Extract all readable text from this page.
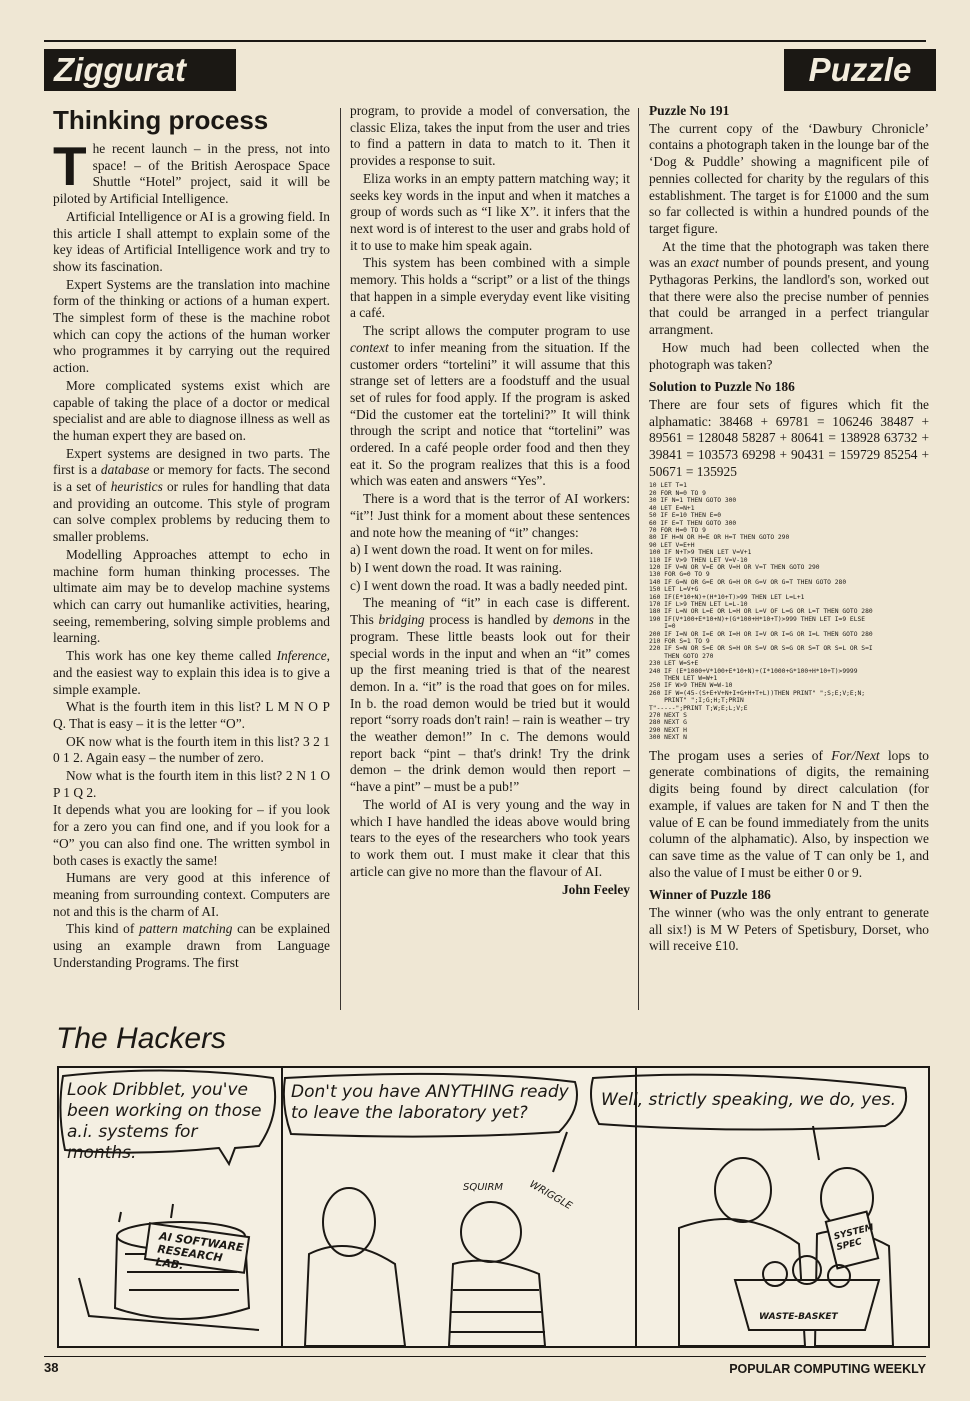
Ziggurat	Puzzle
Thinking process

The recent launch – in the press, not into space! – of the British Aerospace Space Shuttle “Hotel” project, said it will be piloted by Artificial Intelligence.

Artificial Intelligence or AI is a growing field. In this article I shall attempt to explain some of the key ideas of Artificial Intelligence work and try to show its fascination.

Expert Systems are the translation into machine form of the thinking or actions of a human expert. The simplest form of these is the machine robot which can copy the actions of the human worker who programmes it by carrying out the required action.

More complicated systems exist which are capable of taking the place of a doctor or medical specialist and are able to diagnose illness as well as the human expert they are based on.

Expert systems are designed in two parts. The first is a database or memory for facts. The second is a set of heuristics or rules for handling that data and providing an outcome. This style of program can solve complex problems by reducing them to smaller problems.

Modelling Approaches attempt to echo in machine form human thinking processes. The ultimate aim may be to develop machine systems which can carry out humanlike activities, hearing, seeing, remembering, solving simple problems and learning.

This work has one key theme called Inference, and the easiest way to explain this idea is to give a simple example.

What is the fourth item in this list? L M N O P Q. That is easy – it is the letter “O”.

OK now what is the fourth item in this list? 3 2 1 0 1 2. Again easy – the number of zero.

Now what is the fourth item in this list? 2 N 1 O P 1 Q 2.

It depends what you are looking for – if you look for a zero you can find one, and if you look for a “O” you can also find one. The written symbol in both cases is exactly the same!

Humans are very good at this inference of meaning from surrounding context. Computers are not and this is the charm of AI.

This kind of pattern matching can be explained using an example drawn from Language Understanding Programs. The first

program, to provide a model of conversation, the classic Eliza, takes the input from the user and tries to find a pattern in data to match to it. Then it provides a response to suit.

Eliza works in an empty pattern matching way; it seeks key words in the input and when it matches a group of words such as “I like X”. it infers that the next word is of interest to the user and grabs hold of it to use to make him speak again.

This system has been combined with a simple memory. This holds a “script” or a list of the things that happen in a simple everyday event like visiting a café.

The script allows the computer program to use context to infer meaning from the situation. If the customer orders “tortelini” it will assume that this strange set of letters are a foodstuff and the usual set of rules for food apply. If the program is asked “Did the customer eat the tortelini?” It will think through the script and notice that “tortelini” was ordered. In a café people order food and then they eat it. So the program realizes that this is a food which was eaten and answers “Yes”.

There is a word that is the terror of AI workers: “it”! Just think for a moment about these sentences and note how the meaning of “it” changes:

a) I went down the road. It went on for miles.

b) I went down the road. It was raining.

c) I went down the road. It was a badly needed pint.

The meaning of “it” in each case is different. This bridging process is handled by demons in the program. These little beasts look out for their special words in the input and when an “it” comes up the first meaning tried is that of the nearest demon. In a. “it” is the road that goes on for miles. In b. the road demon would be tried but it would report “sorry roads don't rain! – rain is weather – try the weather demon!” In c. The demons would report back “pint – that's drink! Try the drink demon – the drink demon would then report – “have a pint” – must be a pub!”

The world of AI is very young and the way in which I have handled the ideas above would bring tears to the eyes of the researchers who took years to work them out. I must make it clear that this article can give no more than the flavour of AI.

John Feeley

Puzzle No 191

The current copy of the ‘Dawbury Chronicle’ contains a photograph taken in the lounge bar of the ‘Dog & Puddle’ showing a magnificent pile of pennies collected for charity by the regulars of this establishment. The target is for £1000 and the sum so far collected is within a hundred pounds of the target figure.

At the time that the photograph was taken there was an exact number of pounds present, and young Pythagoras Perkins, the landlord's son, worked out that there were also the precise number of pennies that could be arranged in a perfect triangular arrangment.

How much had been collected when the photograph was taken?

Solution to Puzzle No 186

There are four sets of figures which fit the alphamatic: 38468 + 69781 = 106246 38487 + 89561 = 128048 58287 + 80641 = 138928 63732 + 39841 = 103573 69298 + 90431 = 159729 85254 + 50671 = 135925

10 LET T=1
20 FOR N=0 TO 9
30 IF N=1 THEN GOTO 300
40 LET E=N+1
50 IF E=10 THEN E=0
60 IF E=T THEN GOTO 300
70 FOR H=0 TO 9
80 IF H=N OR H=E OR H=T THEN GOTO 290
90 LET V=E+H
100 IF N+T>9 THEN LET V=V+1
110 IF V>9 THEN LET V=V-10
120 IF V=N OR V=E OR V=H OR V=T THEN GOTO 290
130 FOR G=0 TO 9
140 IF G=N OR G=E OR G=H OR G=V OR G=T THEN GOTO 280
150 LET L=V+G
160 IF(E*10+N)+(H*10+T)>99 THEN LET L=L+1
170 IF L>9 THEN LET L=L-10
180 IF L=N OR L=E OR L=H OR L=V OF L=G OR L=T THEN GOTO 280
190 IF(V*100+E*10+N)+(G*100+H*10+T)>999 THEN LET I=9 ELSE
I=0
200 IF I=N OR I=E OR I=H OR I=V OR I=G OR I=L THEN GOTO 280
210 FOR S=1 TO 9
220 IF S=N OR S=E OR S=H OR S=V OR S=G OR S=T OR S=L OR S=I
THEN GOTO 270
230 LET W=S+E
240 IF (E*1000+V*100+E*10+N)+(I*1000+G*100+H*10+T)>9999
THEN LET W=W+1
250 IF W>9 THEN W=W-10
260 IF W=(45-(S+E+V+N+I+G+H+T+L))THEN PRINT" ";S;E;V;E;N;
PRINT" ";I;G;H;T;PRIN
T"-----";PRINT T;W;E;L;V;E
270 NEXT S
280 NEXT G
290 NEXT H
300 NEXT N

The progam uses a series of For/Next lops to generate combinations of digits, the remaining digits being found by direct calculation (for example, if values are taken for N and T then the value of E can be found immediately from the units column of the alphamatic). Also, by inspection we can save time as the value of T can only be 1, and also the value of I must be either 0 or 9.

Winner of Puzzle 186

The winner (who was the only entrant to generate all six!) is M W Peters of Spetisbury, Dorset, who will receive £10.

The Hackers
Look Dribblet, you've been working on those a.i. systems for months.
Don't you have ANYTHING ready to leave the laboratory yet?
Well, strictly speaking, we do, yes.
AI SOFTWARE RESEARCH LAB.
SQUIRM WRIGGLE
SYSTEM SPEC
WASTE-BASKET
38	POPULAR COMPUTING WEEKLY
